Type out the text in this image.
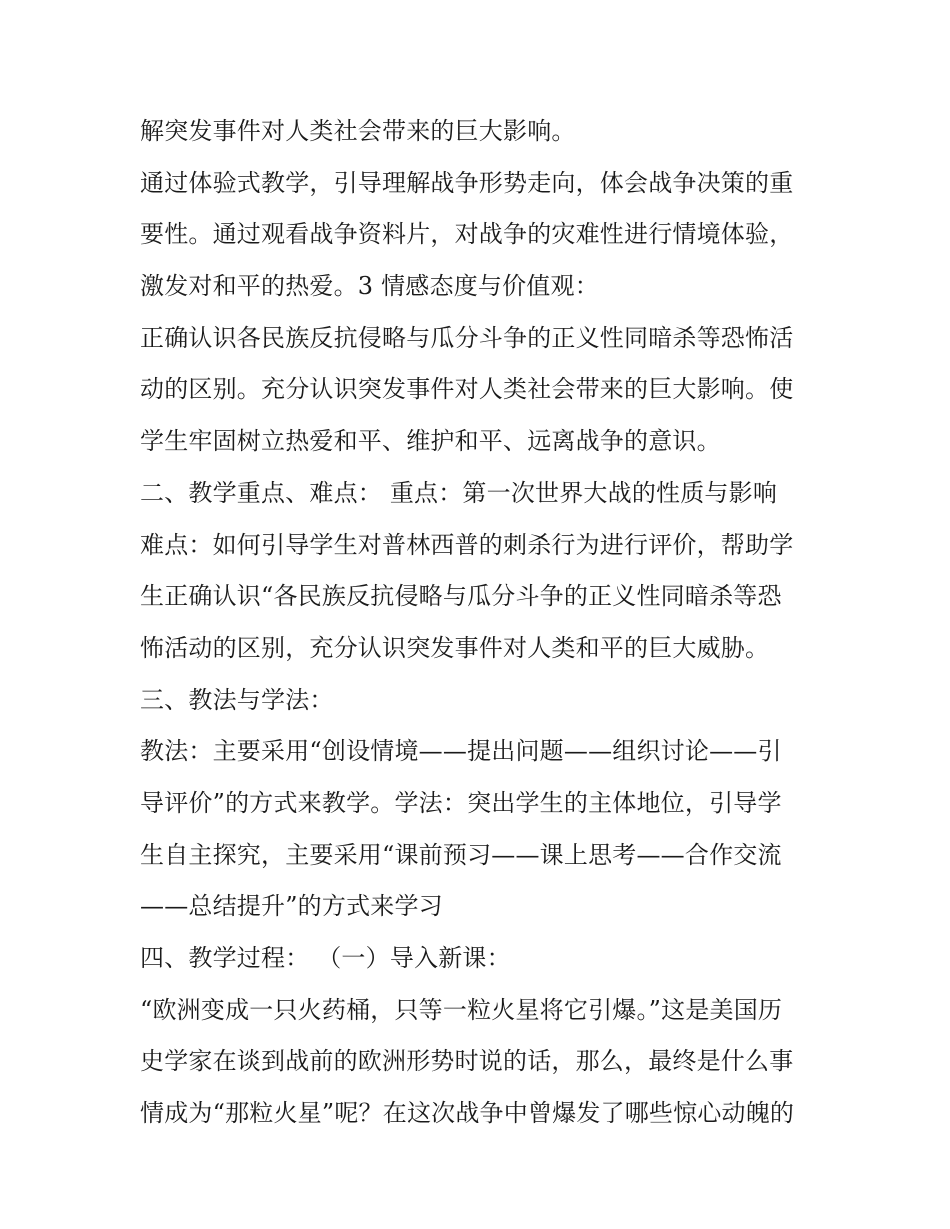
解突发事件对人类社会带来的巨大影响。
通过体验式教学，引导理解战争形势走向，体会战争决策的重
要性。通过观看战争资料片，对战争的灾难性进行情境体验，
激发对和平的热爱。3 情感态度与价值观：
正确认识各民族反抗侵略与瓜分斗争的正义性同暗杀等恐怖活
动的区别。充分认识突发事件对人类社会带来的巨大影响。使
学生牢固树立热爱和平、维护和平、远离战争的意识。
二、教学重点、难点： 重点：第一次世界大战的性质与影响
难点：如何引导学生对普林西普的刺杀行为进行评价，帮助学
生正确认识“各民族反抗侵略与瓜分斗争的正义性同暗杀等恐
怖活动的区别，充分认识突发事件对人类和平的巨大威胁。
三、教法与学法：
教法：主要采用“创设情境——提出问题——组织讨论——引
导评价”的方式来教学。学法：突出学生的主体地位，引导学
生自主探究，主要采用“课前预习——课上思考——合作交流
——总结提升”的方式来学习
四、教学过程： （一）导入新课：
“欧洲变成一只火药桶，只等一粒火星将它引爆。”这是美国历
史学家在谈到战前的欧洲形势时说的话，那么，最终是什么事
情成为“那粒火星”呢？在这次战争中曾爆发了哪些惊心动魄的
